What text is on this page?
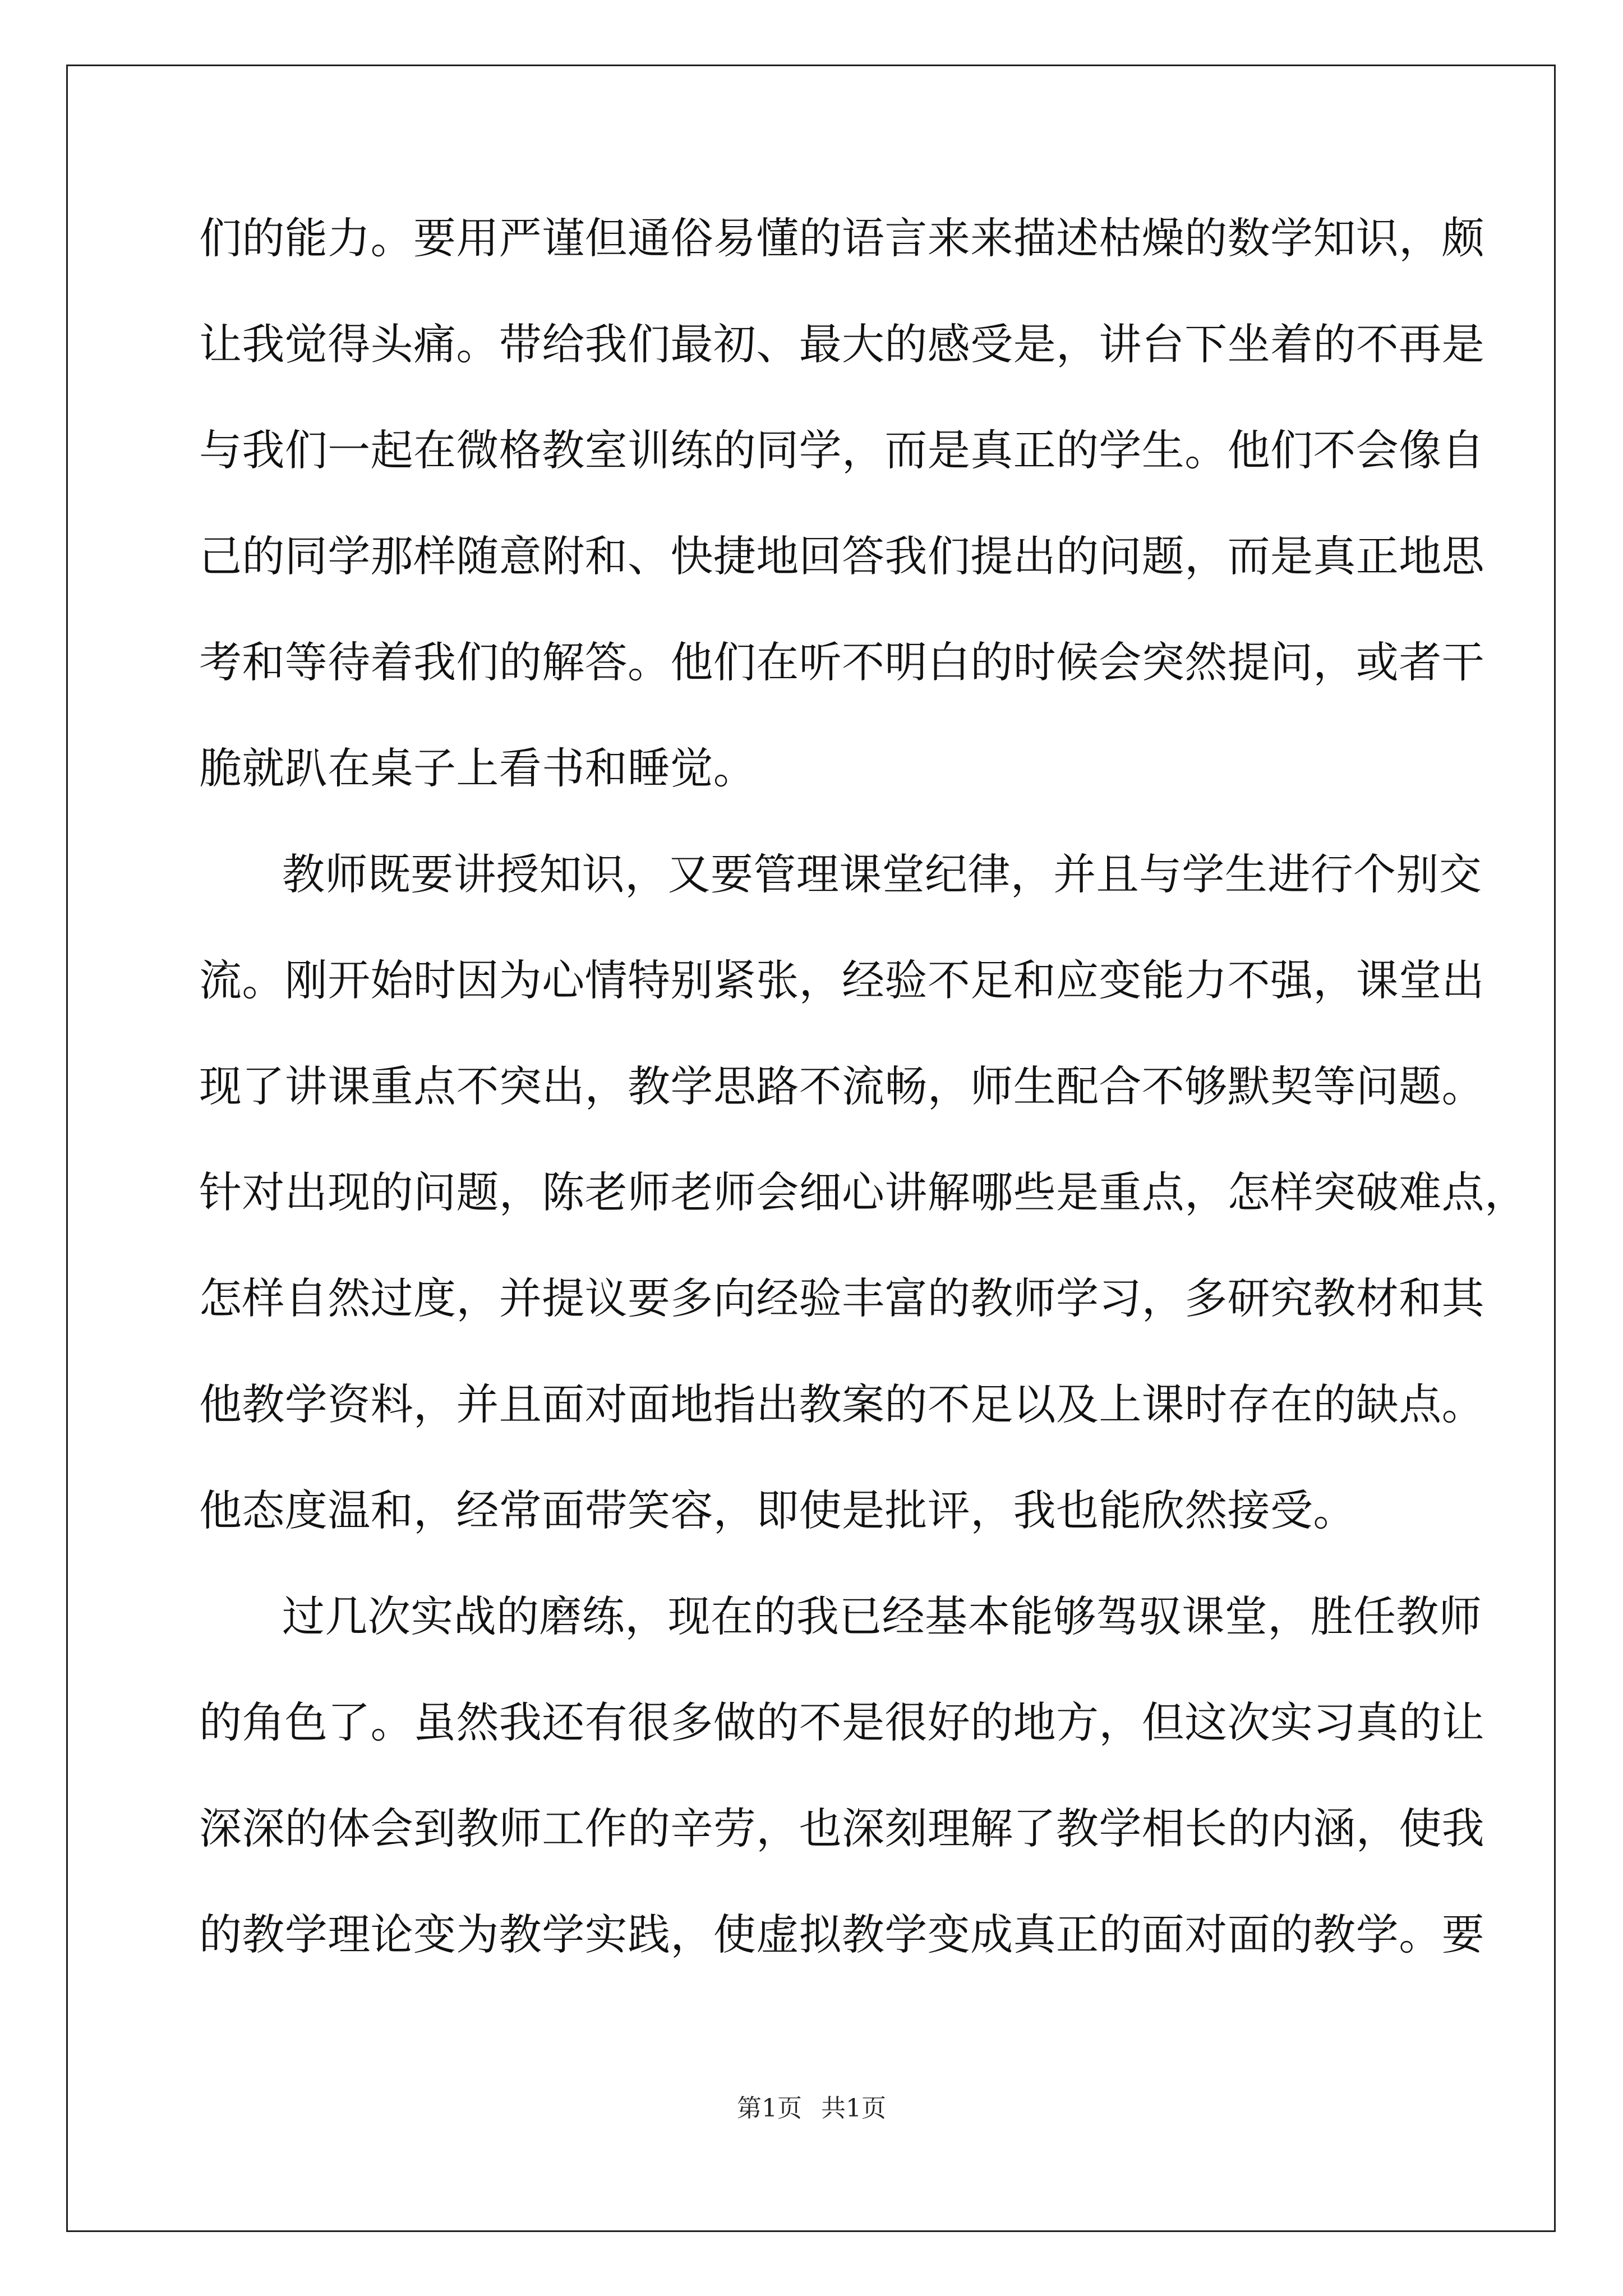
们的能力。要用严谨但通俗易懂的语言来来描述枯燥的数学知识，颇
让我觉得头痛。带给我们最初、最大的感受是，讲台下坐着的不再是
与我们一起在微格教室训练的同学，而是真正的学生。他们不会像自
己的同学那样随意附和、快捷地回答我们提出的问题，而是真正地思
考和等待着我们的解答。他们在听不明白的时候会突然提问，或者干
脆就趴在桌子上看书和睡觉。
教师既要讲授知识，又要管理课堂纪律，并且与学生进行个别交
流。刚开始时因为心情特别紧张，经验不足和应变能力不强，课堂出
现了讲课重点不突出，教学思路不流畅，师生配合不够默契等问题。
针对出现的问题，陈老师老师会细心讲解哪些是重点，怎样突破难点，
怎样自然过度，并提议要多向经验丰富的教师学习，多研究教材和其
他教学资料，并且面对面地指出教案的不足以及上课时存在的缺点。
他态度温和，经常面带笑容，即使是批评，我也能欣然接受。
过几次实战的磨练，现在的我已经基本能够驾驭课堂，胜任教师
的角色了。虽然我还有很多做的不是很好的地方，但这次实习真的让
深深的体会到教师工作的辛劳，也深刻理解了教学相长的内涵，使我
的教学理论变为教学实践，使虚拟教学变成真正的面对面的教学。要
第1页 共1页
